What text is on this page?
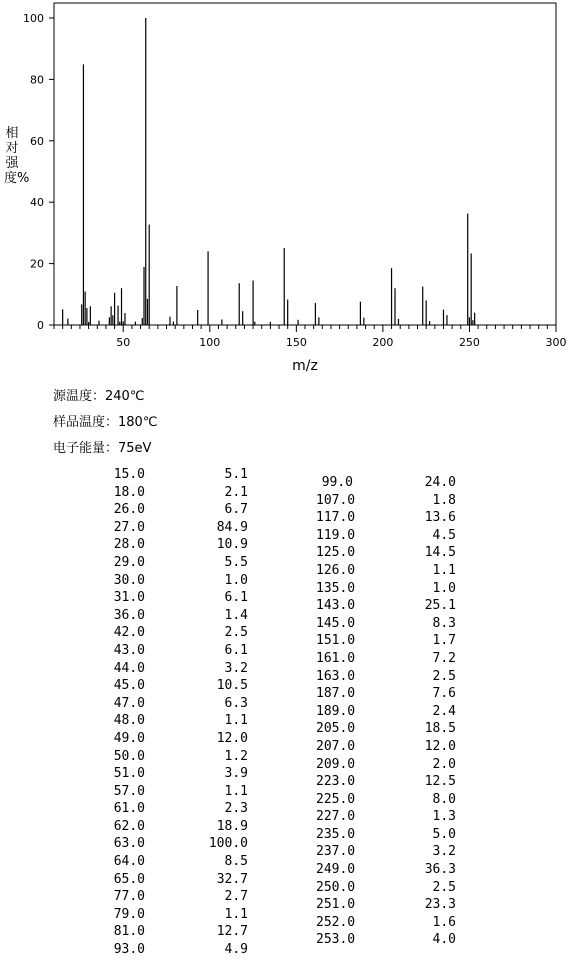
0
20
40
60
80
100
50	100	150	200	250	300
m/z
相对强度%
源温度：240℃
样品温度：180℃
电子能量：75eV
15.0	5.1
18.0	2.1
26.0	6.7
27.0	84.9
28.0	10.9
29.0	5.5
30.0	1.0
31.0	6.1
36.0	1.4
42.0	2.5
43.0	6.1
44.0	3.2
45.0	10.5
47.0	6.3
48.0	1.1
49.0	12.0
50.0	1.2
51.0	3.9
57.0	1.1
61.0	2.3
62.0	18.9
63.0	100.0
64.0	8.5
65.0	32.7
77.0	2.7
79.0	1.1
81.0	12.7
93.0	4.9
99.0	24.0
107.0	1.8
117.0	13.6
119.0	4.5
125.0	14.5
126.0	1.1
135.0	1.0
143.0	25.1
145.0	8.3
151.0	1.7
161.0	7.2
163.0	2.5
187.0	7.6
189.0	2.4
205.0	18.5
207.0	12.0
209.0	2.0
223.0	12.5
225.0	8.0
227.0	1.3
235.0	5.0
237.0	3.2
249.0	36.3
250.0	2.5
251.0	23.3
252.0	1.6
253.0	4.0
